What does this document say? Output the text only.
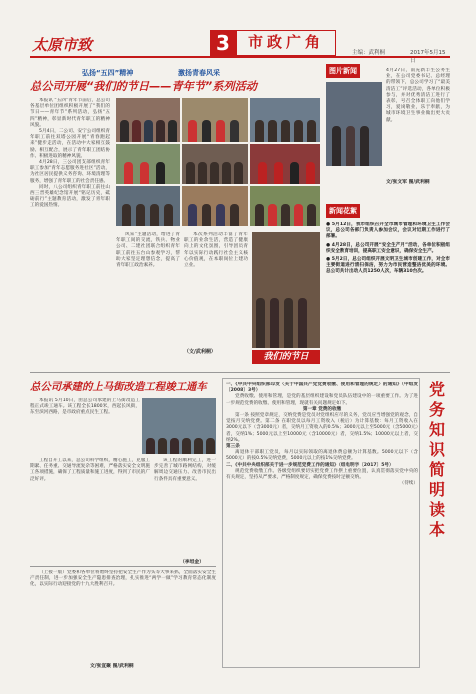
太原市致	3	市政广角
主编：武利桐	2017年5月15日
弘扬“五四”精神	激扬青春风采
总公司开展“我们的节日——青年节”系列活动

本报讯 “五四”青年节前后，总公司各基层单位团组织积极开展了“我们的节日——青年节”系列活动，弘扬“五四”精神，彰显新时代青年职工的精神风貌。

5月4日，二公司、安宁公司组织青年职工前往双塔公园开展“青春跑起来”健步走活动，在活动中大家相互鼓励、相互配合，展示了青年职工团结协作、积极进取的精神风貌。

4月28日，三公司团支部组织青年职工参加“青年志愿服务进社区”活动，为社区居民提供义务咨询、环境清理等服务，增强了青年职工的社会责任感。

同时，八公司组织青年职工前往山西三晋英雄纪念馆开展“铭记历史，砥砺前行”主题教育活动，激发了青年职工的爱国热情。

风采”主题活动，增进了青年职工间的交流，铁兵、物业公司、二建社团联合组织青年职工前往五台山参观学习，帮助大家坚定理想信念，提高了青年职工政治素养。

本次系列活动丰富了青年职工的业余生活，营造了健康向上的文化氛围，引导团员青年以实际行动践行社会主义核心价值观，在本职岗位上建功立业。

（文/武利桐）	我们的节日
图片新闻	4月27日，南充新丰生公务生业，在公司党委书记、总经理的带领下，总公司学习了“最美清洁工”评选活动，各单位积极参与，并对优秀清洁工进行了表彰，号召全体职工向他们学习，爱岗敬业，乐于奉献，为城市环境卫生事业做出更大贡献。
文/张文军 图/武利桐
新闻花絮

● 5月12日，我市组织召开全市城市管理和环境卫生工作会议，总公司各部门负责人参加会议，会议对近期工作进行了部署。

● 4月28日，总公司开展“安全生产月”活动，各单位积极组织安全教育培训，提高职工安全意识，确保安全生产。

● 5月2日，总公司组织开展文明卫生城市创建工作，对全市主要街道进行清扫保洁，努力为市民营造整洁优美的环境。总公司共计出动人员1250人次，车辆310台次。

总公司承建的上马街改造工程竣工通车

本报讯 5月10日，由总公司承建的上马街改造工程正式竣工通车。该工程全长1800米，西起长风街，东至滨河西路，是市政府重点民生工程。

工程自开工以来，总公司科学组织，精心施工，克服工期紧、任务重、交通导流复杂等困难，严格落实安全文明施工各项措施，确保了工程质量和施工进度，得到了市民的广泛好评。

该工程的顺利完工，进一步完善了城市路网结构，对缓解周边交通压力、改善市民出行条件具有重要意义。

（李坦金）

（上接一版）党委和各单位将始终坚持把安全生产作为头等大事来抓，全面落实安全生产责任制，进一步加强安全生产隐患排查治理，扎实推进“两学一做”学习教育常态化制度化，以实际行动迎接党的十九大胜利召开。

文/张宣聚 图/武利桐

一、《中共中央组织部印发〈关于中国共产党党费收缴、使用和管理的规定〉的通知》（中组发〔2008〕3号）

党费收缴、使用和管理，是党的基层组织建设和党员队伍建设中的一项重要工作。为了进一步规范党费的收缴、使用和管理，现就有关问题规定如下。

第一章 党费的收缴

第一条 按照党章规定，交纳党费是党员对党组织应尽的义务，党员应当增强党的观念，自觉按月交纳党费。第二条 在职党员以每月工资收入（税后）为计算基数：每月工资收入在3000元以下（含3000元）者，交纳月工资收入的0.5%；3000元以上至5000元（含5000元）者，交纳1%；5000元以上至10000元（含10000元）者，交纳1.5%；10000元以上者，交纳2%。

第三条

离退休干部职工党员，每月以实际领取的离退休费总额为计算基数。5000元以下（含5000元）的按0.5%交纳党费，5000元以上的按1%交纳党费。

二、《中共中央组织部关于进一步规范党费工作的通知》（组电明字〔2017〕5号）

规范党费收缴工作。各级党组织要切实把党费工作摆上重要位置，认真贯彻落实党中央的有关规定，坚持从严要求，严格制度规定，确保党费按时足额交纳。

（待续）

党务知识简明读本
